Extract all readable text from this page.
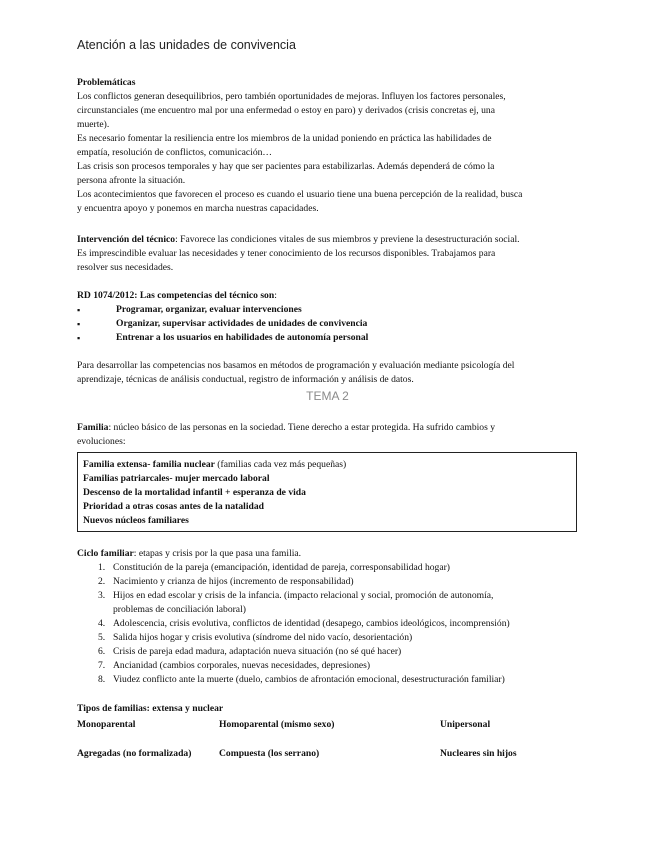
Atención a las unidades de convivencia

Problemáticas

Los conflictos generan desequilibrios, pero también oportunidades de mejoras. Influyen los factores personales,

circunstanciales (me encuentro mal por una enfermedad o estoy en paro) y derivados (crisis concretas ej, una

muerte).

Es necesario fomentar la resiliencia entre los miembros de la unidad poniendo en práctica las habilidades de

empatía, resolución de conflictos, comunicación…

Las crisis son procesos temporales y hay que ser pacientes para estabilizarlas. Además dependerá de cómo la

persona afronte la situación.

Los acontecimientos que favorecen el proceso es cuando el usuario tiene una buena percepción de la realidad, busca

y encuentra apoyo y ponemos en marcha nuestras capacidades.

Intervención del técnico: Favorece las condiciones vitales de sus miembros y previene la desestructuración social.

Es imprescindible evaluar las necesidades y tener conocimiento de los recursos disponibles. Trabajamos para

resolver sus necesidades.

RD 1074/2012: Las competencias del técnico son:

▪ Programar, organizar, evaluar intervenciones
▪ Organizar, supervisar actividades de unidades de convivencia
▪ Entrenar a los usuarios en habilidades de autonomía personal

Para desarrollar las competencias nos basamos en métodos de programación y evaluación mediante psicología del

aprendizaje, técnicas de análisis conductual, registro de información y análisis de datos.

TEMA 2

Familia: núcleo básico de las personas en la sociedad. Tiene derecho a estar protegida. Ha sufrido cambios y

evoluciones:

Familia extensa- familia nuclear (familias cada vez más pequeñas)
Familias patriarcales- mujer mercado laboral
Descenso de la mortalidad infantil + esperanza de vida
Prioridad a otras cosas antes de la natalidad
Nuevos núcleos familiares

Ciclo familiar: etapas y crisis por la que pasa una familia.

1. Constitución de la pareja (emancipación, identidad de pareja, corresponsabilidad hogar)
2. Nacimiento y crianza de hijos (incremento de responsabilidad)
3. Hijos en edad escolar y crisis de la infancia. (impacto relacional y social, promoción de autonomía,
problemas de conciliación laboral)
4. Adolescencia, crisis evolutiva, conflictos de identidad (desapego, cambios ideológicos, incomprensión)
5. Salida hijos hogar y crisis evolutiva (síndrome del nido vacío, desorientación)
6. Crisis de pareja edad madura, adaptación nueva situación (no sé qué hacer)
7. Ancianidad (cambios corporales, nuevas necesidades, depresiones)
8. Viudez conflicto ante la muerte (duelo, cambios de afrontación emocional, desestructuración familiar)

Tipos de familias: extensa y nuclear

Monoparental	Homoparental (mismo sexo)	Unipersonal
Agregadas (no formalizada)	Compuesta (los serrano)	Nucleares sin hijos
